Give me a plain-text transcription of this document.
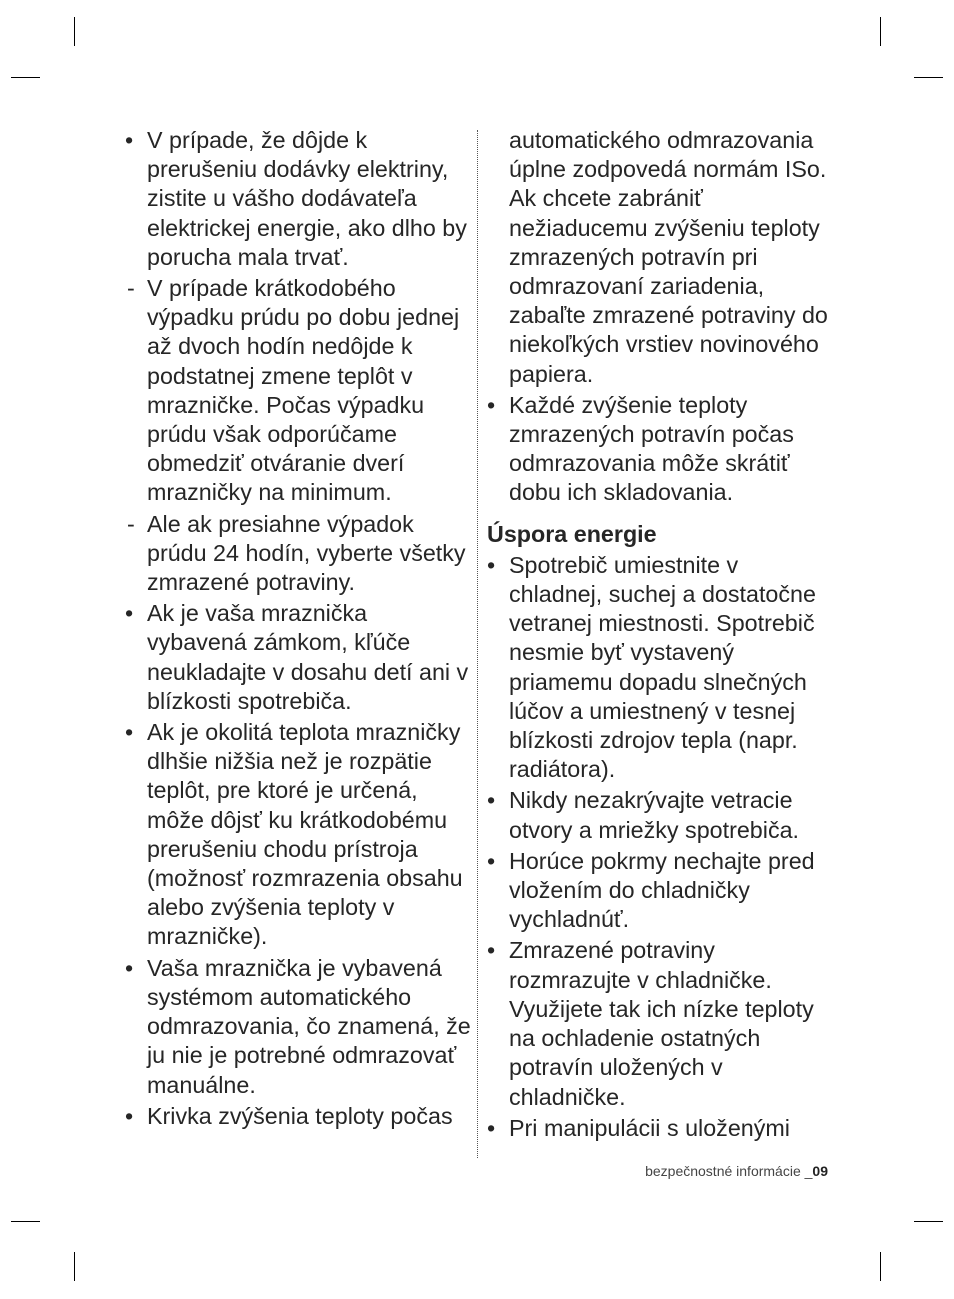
• V prípade, že dôjde k prerušeniu dodávky elektriny, zistite u vášho dodávateľa elektrickej energie, ako dlho by porucha mala trvať.
- V prípade krátkodobého výpadku prúdu po dobu jednej až dvoch hodín nedôjde k podstatnej zmene teplôt v mrazničke. Počas výpadku prúdu však odporúčame obmedziť otváranie dverí mrazničky na minimum.
- Ale ak presiahne výpadok prúdu 24 hodín, vyberte všetky zmrazené potraviny.
• Ak je vaša mraznička vybavená zámkom, kľúče neukladajte v dosahu detí ani v blízkosti spotrebiča.
• Ak je okolitá teplota mrazničky dlhšie nižšia než je rozpätie teplôt, pre ktoré je určená, môže dôjsť ku krátkodobému prerušeniu chodu prístroja (možnosť rozmrazenia obsahu alebo zvýšenia teploty v mrazničke).
• Vaša mraznička je vybavená systémom automatického odmrazovania, čo znamená, že ju nie je potrebné odmrazovať manuálne.
• Krivka zvýšenia teploty počas
automatického odmrazovania úplne zodpovedá normám ISo. Ak chcete zabrániť nežiaducemu zvýšeniu teploty zmrazených potravín pri odmrazovaní zariadenia, zabaľte zmrazené potraviny do niekoľkých vrstiev novinového papiera.
• Každé zvýšenie teploty zmrazených potravín počas odmrazovania môže skrátiť dobu ich skladovania.
Úspora energie
• Spotrebič umiestnite v chladnej, suchej a dostatočne vetranej miestnosti. Spotrebič nesmie byť vystavený priamemu dopadu slnečných lúčov a umiestnený v tesnej blízkosti zdrojov tepla (napr. radiátora).
• Nikdy nezakrývajte vetracie otvory a mriežky spotrebiča.
• Horúce pokrmy nechajte pred vložením do chladničky vychladnúť.
• Zmrazené potraviny rozmrazujte v chladničke. Využijete tak ich nízke teploty na ochladenie ostatných potravín uložených v chladničke.
• Pri manipulácii s uloženými
bezpečnostné informácie _09
